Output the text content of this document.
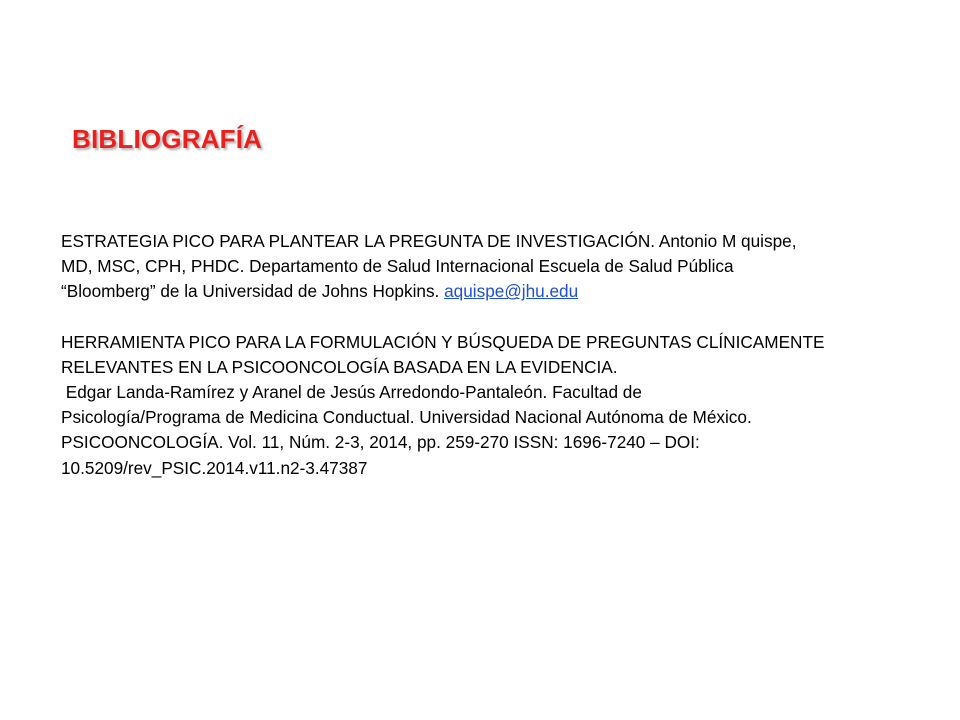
BIBLIOGRAFÍA
ESTRATEGIA PICO PARA PLANTEAR LA PREGUNTA DE INVESTIGACIÓN. Antonio M quispe,
MD, MSC, CPH, PHDC. Departamento de Salud Internacional Escuela de Salud Pública
“Bloomberg” de la Universidad de Johns Hopkins. aquispe@jhu.edu
HERRAMIENTA PICO PARA LA FORMULACIÓN Y BÚSQUEDA DE PREGUNTAS CLÍNICAMENTE
RELEVANTES EN LA PSICOONCOLOGÍA BASADA EN LA EVIDENCIA.
Edgar Landa-Ramírez y Aranel de Jesús Arredondo-Pantaleón. Facultad de
Psicología/Programa de Medicina Conductual. Universidad Nacional Autónoma de México.
PSICOONCOLOGÍA. Vol. 11, Núm. 2-3, 2014, pp. 259-270 ISSN: 1696-7240 – DOI:
10.5209/rev_PSIC.2014.v11.n2-3.47387
